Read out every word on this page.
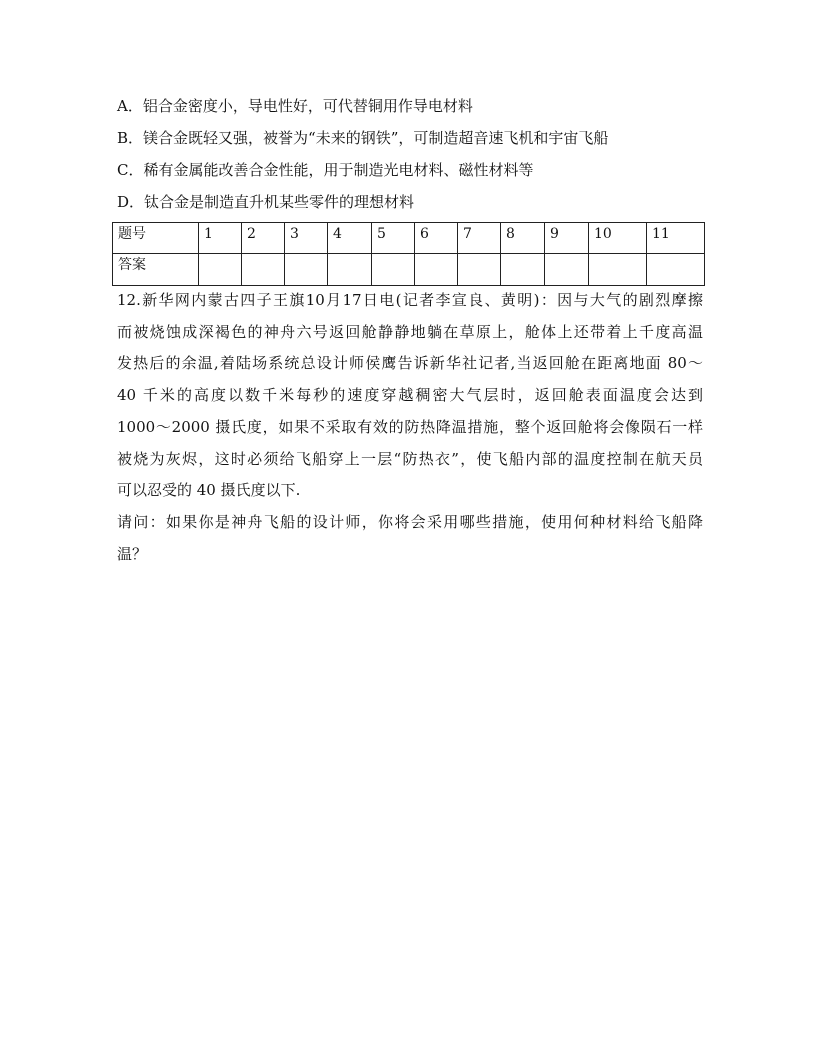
A．铝合金密度小，导电性好，可代替铜用作导电材料
B．镁合金既轻又强，被誉为“未来的钢铁”，可制造超音速飞机和宇宙飞船
C．稀有金属能改善合金性能，用于制造光电材料、磁性材料等
D．钛合金是制造直升机某些零件的理想材料
题号	1	2	3	4	5	6	7	8	9	10	11
答案											

12.新华网内蒙古四子王旗10月17日电(记者李宣良、黄明)：因与大气的剧烈摩擦

而被烧蚀成深褐色的神舟六号返回舱静静地躺在草原上，舱体上还带着上千度高温

发热后的余温,着陆场系统总设计师侯鹰告诉新华社记者,当返回舱在距离地面 80～

40 千米的高度以数千米每秒的速度穿越稠密大气层时，返回舱表面温度会达到

1000～2000 摄氏度，如果不采取有效的防热降温措施，整个返回舱将会像陨石一样

被烧为灰烬，这时必须给飞船穿上一层“防热衣”，使飞船内部的温度控制在航天员

可以忍受的 40 摄氏度以下.

请问：如果你是神舟飞船的设计师，你将会采用哪些措施，使用何种材料给飞船降

温？
